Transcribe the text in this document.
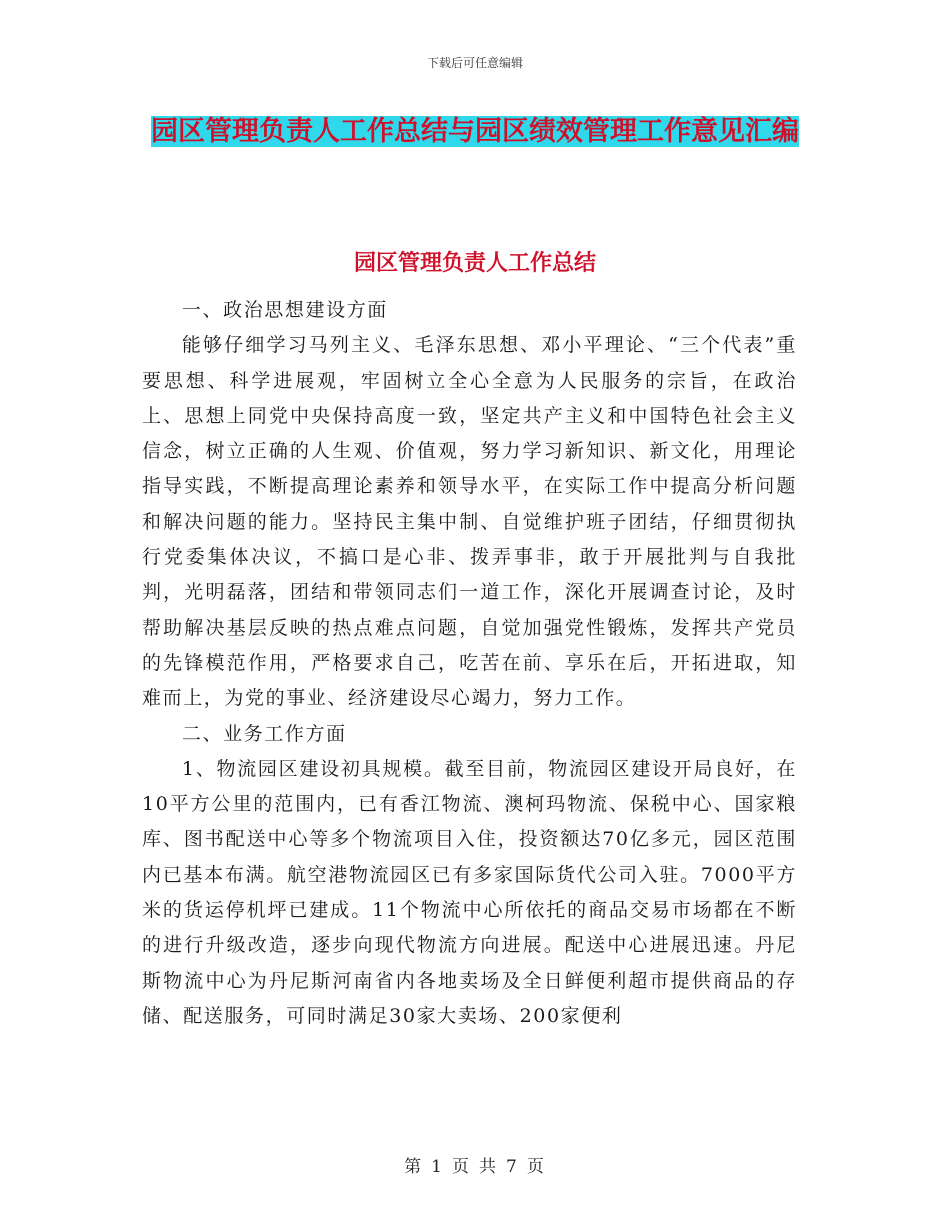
下载后可任意编辑
园区管理负责人工作总结与园区绩效管理工作意见汇编
园区管理负责人工作总结

一、政治思想建设方面

能够仔细学习马列主义、毛泽东思想、邓小平理论、“三个代表”重要思想、科学进展观，牢固树立全心全意为人民服务的宗旨，在政治上、思想上同党中央保持高度一致，坚定共产主义和中国特色社会主义信念，树立正确的人生观、价值观，努力学习新知识、新文化，用理论指导实践，不断提高理论素养和领导水平，在实际工作中提高分析问题和解决问题的能力。坚持民主集中制、自觉维护班子团结，仔细贯彻执行党委集体决议，不搞口是心非、拨弄事非，敢于开展批判与自我批判，光明磊落，团结和带领同志们一道工作，深化开展调查讨论，及时帮助解决基层反映的热点难点问题，自觉加强党性锻炼，发挥共产党员的先锋模范作用，严格要求自己，吃苦在前、享乐在后，开拓进取，知难而上，为党的事业、经济建设尽心竭力，努力工作。

二、业务工作方面

1、物流园区建设初具规模。截至目前，物流园区建设开局良好，在10平方公里的范围内，已有香江物流、澳柯玛物流、保税中心、国家粮库、图书配送中心等多个物流项目入住，投资额达70亿多元，园区范围内已基本布满。航空港物流园区已有多家国际货代公司入驻。7000平方米的货运停机坪已建成。11个物流中心所依托的商品交易市场都在不断的进行升级改造，逐步向现代物流方向进展。配送中心进展迅速。丹尼斯物流中心为丹尼斯河南省内各地卖场及全日鲜便利超市提供商品的存储、配送服务，可同时满足30家大卖场、200家便利

第 1 页 共 7 页
